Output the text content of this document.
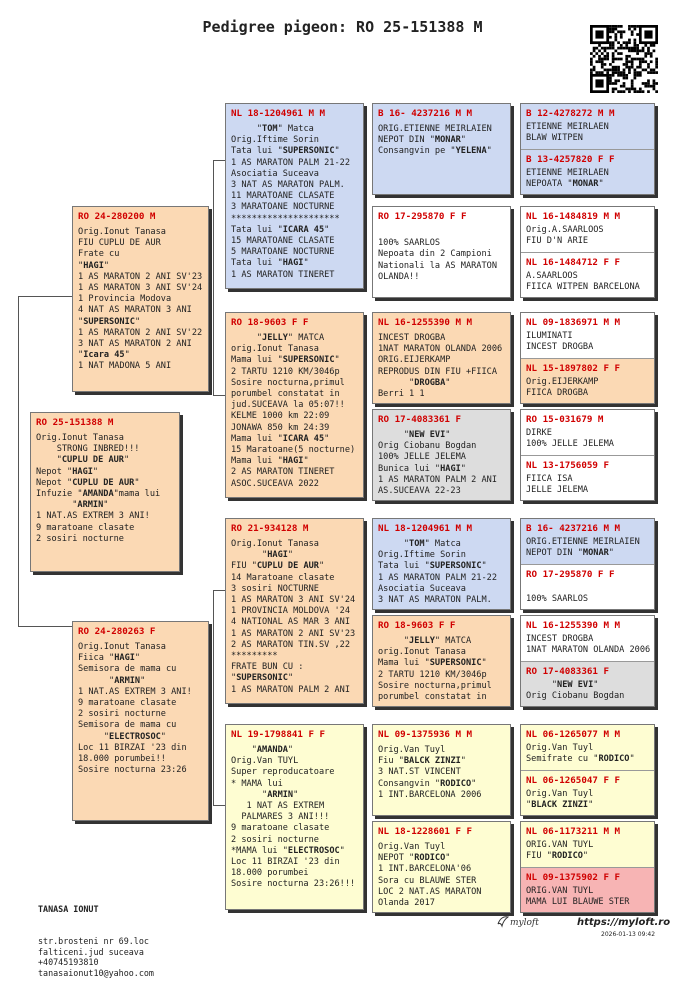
Pedigree pigeon: RO 25-151388 M
RO 25-151388 M
Orig.Ionut Tanasa
STRONG INBRED!!!
"CUPLU DE AUR"
Nepot "HAGI"
Nepot "CUPLU DE AUR"
Infuzie "AMANDA"mama lui
"ARMIN"
1 NAT.AS EXTREM 3 ANI!
9 maratoane clasate
2 sosiri nocturne
RO 24-280200 M
Orig.Ionut Tanasa
FIU CUPLU DE AUR
Frate cu
"HAGI"
1 AS MARATON 2 ANI SV'23
1 AS MARATON 3 ANI SV'24
1 Provincia Modova
4 NAT AS MARATON 3 ANI
"SUPERSONIC"
1 AS MARATON 2 ANI SV'22
3 NAT AS MARATON 2 ANI
"Icara 45"
1 NAT MADONA 5 ANI
RO 24-280263 F
Orig.Ionut Tanasa
Fiica "HAGI"
Semisora de mama cu
"ARMIN"
1 NAT.AS EXTREM 3 ANI!
9 maratoane clasate
2 sosiri nocturne
Semisora de mama cu
"ELECTROSOC"
Loc 11 BIRZAI '23 din
18.000 porumbei!!
Sosire nocturna 23:26
NL 18-1204961 M M
"TOM" Matca
Orig.Iftime Sorin
Tata lui "SUPERSONIC"
1 AS MARATON PALM 21-22
Asociatia Suceava
3 NAT AS MARATON PALM.
11 MARATOANE CLASATE
3 MARATOANE NOCTURNE
*********************
Tata lui "ICARA 45"
15 MARATOANE CLASATE
5 MARATOANE NOCTURNE
Tata lui "HAGI"
1 AS MARATON TINERET
RO 18-9603 F F
"JELLY" MATCA
orig.Ionut Tanasa
Mama lui "SUPERSONIC"
2 TARTU 1210 KM/3046p
Sosire nocturna,primul
porumbel constatat in
jud.SUCEAVA la 05:07!!
KELME 1000 km 22:09
JONAWA 850 km 24:39
Mama lui "ICARA 45"
15 Maratoane(5 nocturne)
Mama lui "HAGI"
2 AS MARATON TINERET
ASOC.SUCEAVA 2022
RO 21-934128 M
Orig.Ionut Tanasa
"HAGI"
FIU "CUPLU DE AUR"
14 Maratoane clasate
3 sosiri NOCTURNE
1 AS MARATON 3 ANI SV'24
1 PROVINCIA MOLDOVA '24
4 NATIONAL AS MAR 3 ANI
1 AS MARATON 2 ANI SV'23
2 AS MARATON TIN.SV ,22
*********
FRATE BUN CU :
"SUPERSONIC"
1 AS MARATON PALM 2 ANI
NL 19-1798841 F F
"AMANDA"
Orig.Van TUYL
Super reproducatoare
* MAMA lui
"ARMIN"
1 NAT AS EXTREM
PALMARES 3 ANI!!!
9 maratoane clasate
2 sosiri nocturne
*MAMA lui "ELECTROSOC"
Loc 11 BIRZAI '23 din
18.000 porumbei
Sosire nocturna 23:26!!!
B 16- 4237216 M M
ORIG.ETIENNE MEIRLAIEN
NEPOT DIN "MONAR"
Consangvin pe "YELENA"
RO 17-295870 F F

100% SAARLOS
Nepoata din 2 Campioni
Nationali la AS MARATON
OLANDA!!
NL 16-1255390 M M
INCEST DROGBA
1NAT MARATON OLANDA 2006
ORIG.EIJERKAMP
REPRODUS DIN FIU +FIICA
"DROGBA"
Berri 1 1
RO 17-4083361 F
"NEW EVI"
Orig Ciobanu Bogdan
100% JELLE JELEMA
Bunica lui "HAGI"
1 AS MARATON PALM 2 ANI
AS.SUCEAVA 22-23
NL 18-1204961 M M
"TOM" Matca
Orig.Iftime Sorin
Tata lui "SUPERSONIC"
1 AS MARATON PALM 21-22
Asociatia Suceava
3 NAT AS MARATON PALM.
RO 18-9603 F F
"JELLY" MATCA
orig.Ionut Tanasa
Mama lui "SUPERSONIC"
2 TARTU 1210 KM/3046p
Sosire nocturna,primul
porumbel constatat in
NL 09-1375936 M M
Orig.Van Tuyl
Fiu "BALCK ZINZI"
3 NAT.ST VINCENT
Consangvin "RODICO"
1 INT.BARCELONA 2006
NL 18-1228601 F F
Orig.Van Tuyl
NEPOT "RODICO"
1 INT.BARCELONA'06
Sora cu BLAUWE STER
LOC 2 NAT.AS MARATON
Olanda 2017
B 12-4278272 M M
ETIENNE MEIRLAEN
BLAW WITPEN
B 13-4257820 F F
ETIENNE MEIRLAEN
NEPOATA "MONAR"
NL 16-1484819 M M
Orig.A.SAARLOOS
FIU D'N ARIE
NL 16-1484712 F F
A.SAARLOOS
FIICA WITPEN BARCELONA
NL 09-1836971 M M
ILUMINATI
INCEST DROGBA
NL 15-1897802 F F
Orig.EIJERKAMP
FIICA DROGBA
RO 15-031679 M
DIRKE
100% JELLE JELEMA
NL 13-1756059 F
FIICA ISA
JELLE JELEMA
B 16- 4237216 M M
ORIG.ETIENNE MEIRLAIEN
NEPOT DIN "MONAR"
RO 17-295870 F F

100% SAARLOS
NL 16-1255390 M M
INCEST DROGBA
1NAT MARATON OLANDA 2006
RO 17-4083361 F
"NEW EVI"
Orig Ciobanu Bogdan
NL 06-1265077 M M
Orig.Van Tuyl
Semifrate cu "RODICO"
NL 06-1265047 F F
Orig.Van Tuyl
"BLACK ZINZI"
NL 06-1173211 M M
ORIG.VAN TUYL
FIU "RODICO"
NL 09-1375902 F F
ORIG.VAN TUYL
MAMA LUI BLAUWE STER

TANASA IONUT

str.brosteni nr 69.loc
falticeni.jud suceava
+40745193810
tanasaionut10@yahoo.com

myloft	https://myloft.ro
2026-01-13 09:42
